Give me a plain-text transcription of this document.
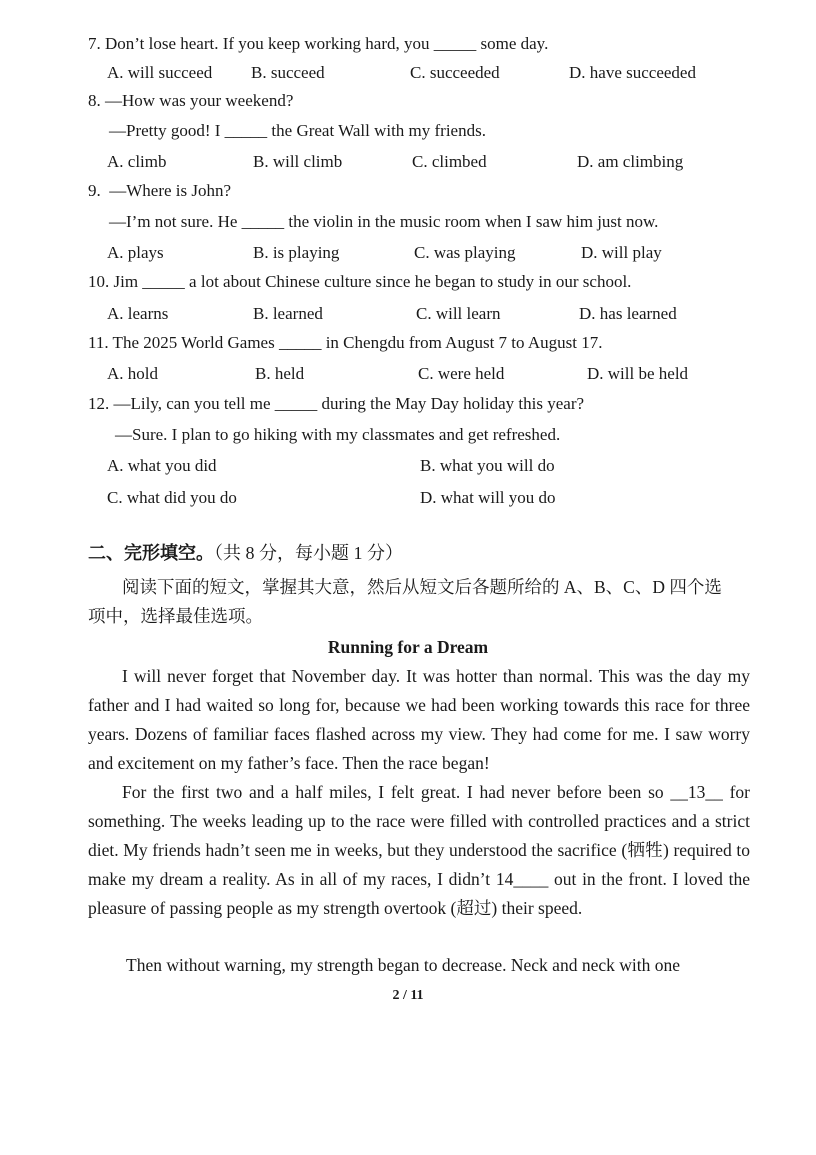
7. Don’t lose heart. If you keep working hard, you _____ some day.
A. will succeed B. succeed	C. succeeded	D. have succeeded
8. —How was your weekend?
—Pretty good! I _____ the Great Wall with my friends.
A. climb	B. will climb	C. climbed	D. am climbing
9.  —Where is John?
—I’m not sure. He _____ the violin in the music room when I saw him just now.
A. plays	B. is playing	C. was playing	D. will play
10. Jim _____ a lot about Chinese culture since he began to study in our school.
A. learns	B. learned	C. will learn	D. has learned
11. The 2025 World Games _____ in Chengdu from August 7 to August 17.
A. hold	B. held	C. were held	D. will be held
12. —Lily, can you tell me _____ during the May Day holiday this year?
—Sure. I plan to go hiking with my classmates and get refreshed.
A. what you did	B. what you will do
C. what did you do	D. what will you do
二、完形填空。（共 8 分，每小题 1 分）
阅读下面的短文，掌握其大意，然后从短文后各题所给的 A、B、C、D 四个选项中，选择最佳选项。
Running for a Dream
I will never forget that November day. It was hotter than normal. This was the day my father and I had waited so long for, because we had been working towards this race for three years. Dozens of familiar faces flashed across my view. They had come for me. I saw worry and excitement on my father’s face. Then the race began!
For the first two and a half miles, I felt great. I had never before been so __13__ for something. The weeks leading up to the race were filled with controlled practices and a strict diet. My friends hadn’t seen me in weeks, but they understood the sacrifice (牺牲) required to make my dream a reality. As in all of my races, I didn’t 14____ out in the front. I loved the pleasure of passing people as my strength overtook (超过) their speed.
Then without warning, my strength began to decrease. Neck and neck with one
2 / 11
